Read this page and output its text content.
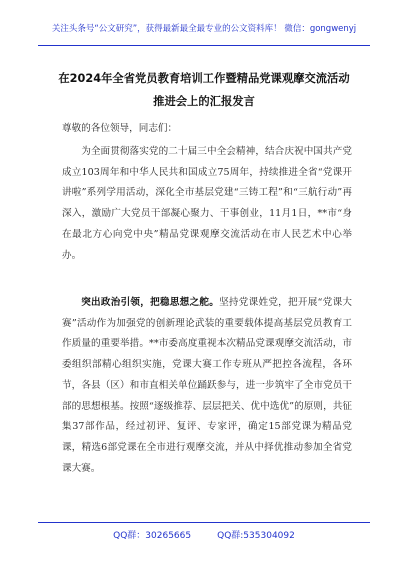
关注头条号“公文研究”，获得最新最全最专业的公文资料库！ 微信：gongwenyj
在2024年全省党员教育培训工作暨精品党课观摩交流活动
推进会上的汇报发言
尊敬的各位领导，同志们：
为全面贯彻落实党的二十届三中全会精神，结合庆祝中国共产党成立103周年和中华人民共和国成立75周年，持续推进全省“党课开讲啦”系列学用活动，深化全市基层党建“三铸工程”和“三航行动”再深入，激励广大党员干部凝心聚力、干事创业，11月1日，**市“身在最北方心向党中央”精品党课观摩交流活动在市人民艺术中心举办。
突出政治引领，把稳思想之舵。坚持党课姓党，把开展“党课大赛”活动作为加强党的创新理论武装的重要载体提高基层党员教育工作质量的重要举措。**市委高度重视本次精品党课观摩交流活动，市委组织部精心组织实施，党课大赛工作专班从严把控各流程，各环节，各县（区）和市直相关单位踊跃参与，进一步筑牢了全市党员干部的思想根基。按照“逐级推荐、层层把关、优中选优”的原则，共征集37部作品，经过初评、复评、专家评，确定15部党课为精品党课，精选6部党课在全市进行观摩交流，并从中择优推动参加全省党课大赛。
QQ群：30265665	QQ群:535304092
